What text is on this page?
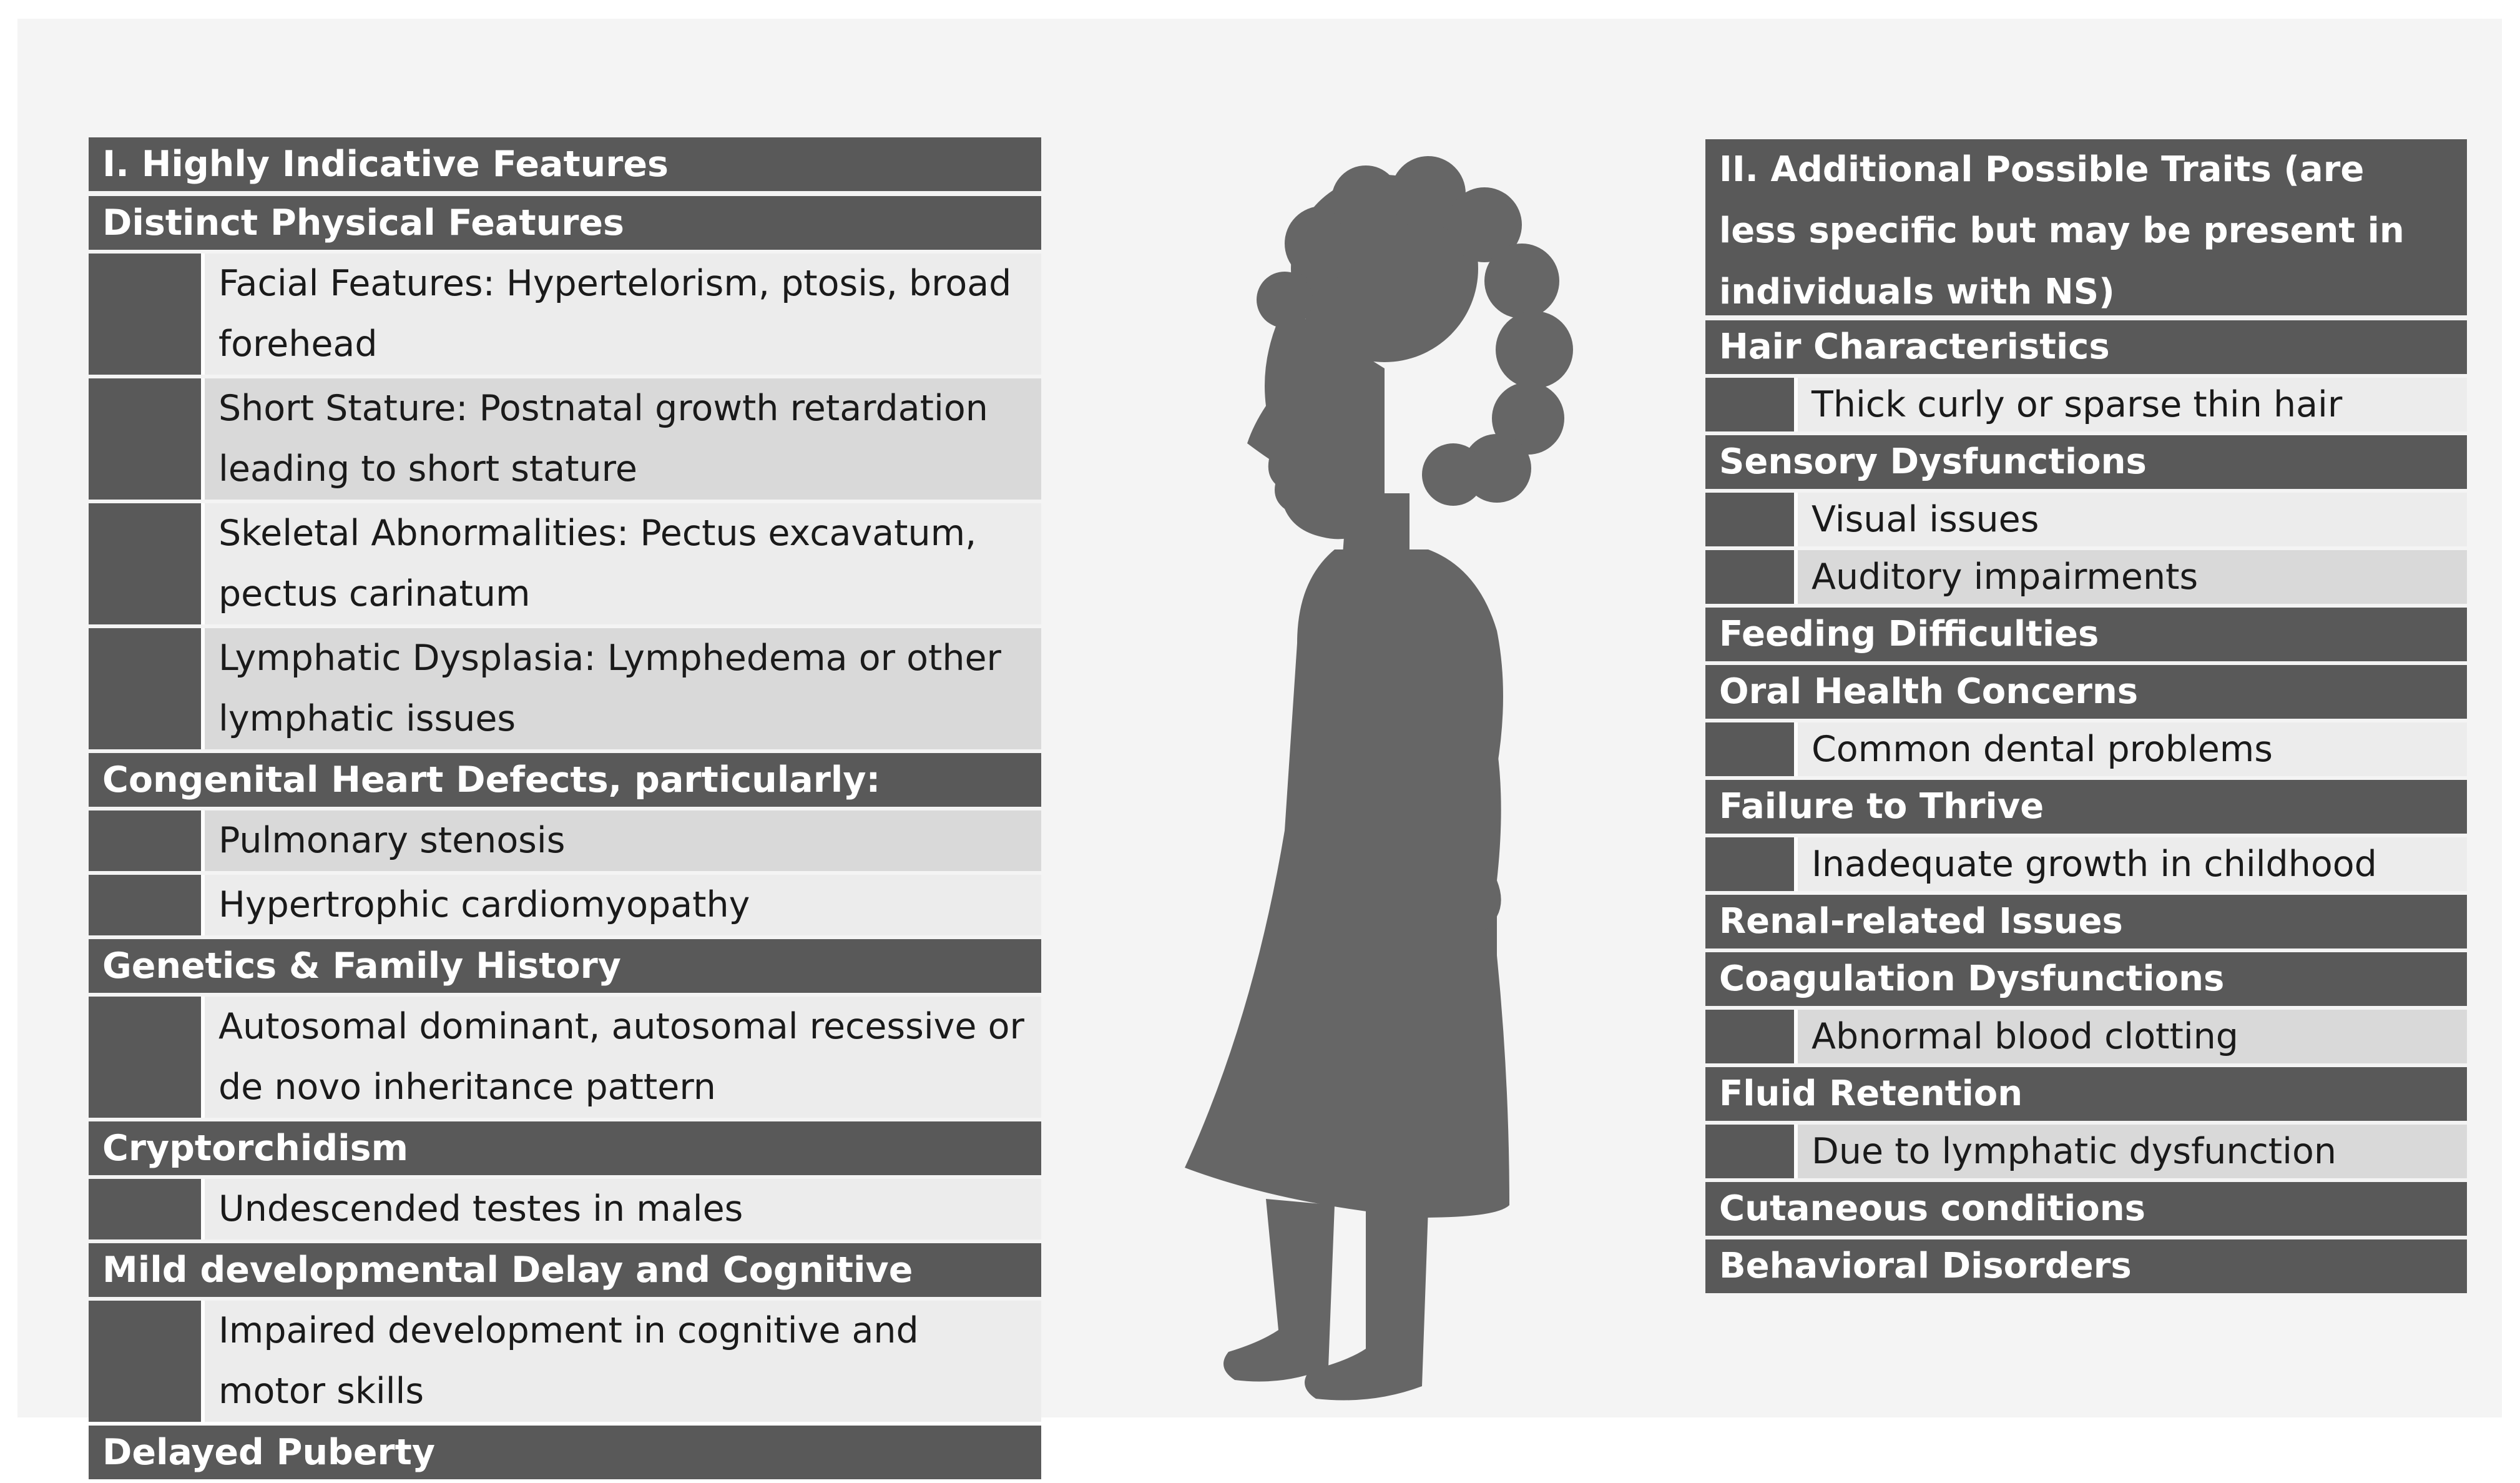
I. Highly Indicative Features
Distinct Physical Features
Facial Features: Hypertelorism, ptosis, broad forehead
Short Stature: Postnatal growth retardation leading to short stature
Skeletal Abnormalities: Pectus excavatum, pectus carinatum
Lymphatic Dysplasia: Lymphedema or other lymphatic issues
Congenital Heart Defects, particularly:
Pulmonary stenosis
Hypertrophic cardiomyopathy
Genetics & Family History
Autosomal dominant, autosomal recessive or de novo inheritance pattern
Cryptorchidism
Undescended testes in males
Mild developmental Delay and Cognitive
Impaired development in cognitive and motor skills
Delayed Puberty
II. Additional Possible Traits (are less specific but may be present in individuals with NS)
Hair Characteristics
Thick curly or sparse thin hair
Sensory Dysfunctions
Visual issues
Auditory impairments
Feeding Difficulties
Oral Health Concerns
Common dental problems
Failure to Thrive
Inadequate growth in childhood
Renal-related Issues
Coagulation Dysfunctions
Abnormal blood clotting
Fluid Retention
Due to lymphatic dysfunction
Cutaneous conditions
Behavioral Disorders
